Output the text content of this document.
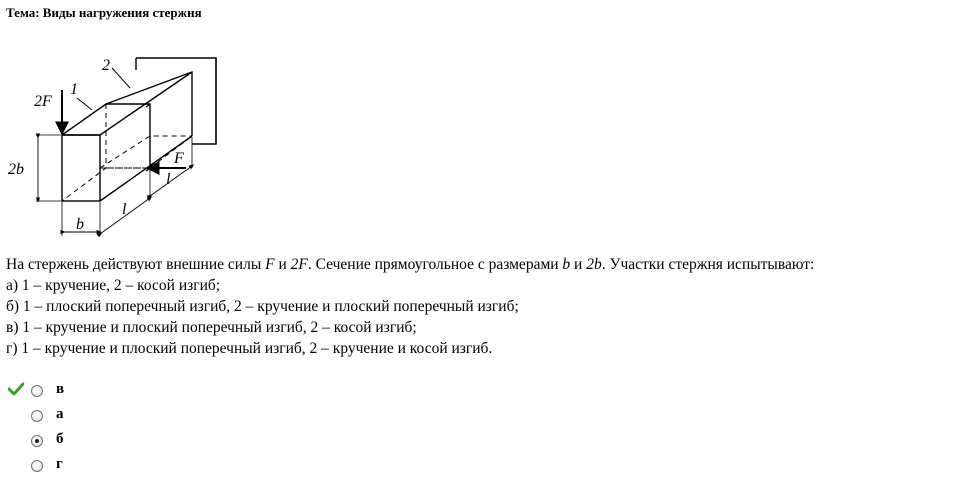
Тема: Виды нагружения стержня
2F
1
2
F
2b
b
l
l
На стержень действуют внешние силы F и 2F. Сечение прямоугольное с размерами b и 2b. Участки стержня испытывают:
а) 1 – кручение, 2 – косой изгиб;
б) 1 – плоский поперечный изгиб, 2 – кручение и плоский поперечный изгиб;
в) 1 – кручение и плоский поперечный изгиб, 2 – косой изгиб;
г) 1 – кручение и плоский поперечный изгиб, 2 – кручение и косой изгиб.
в
а
б
г
